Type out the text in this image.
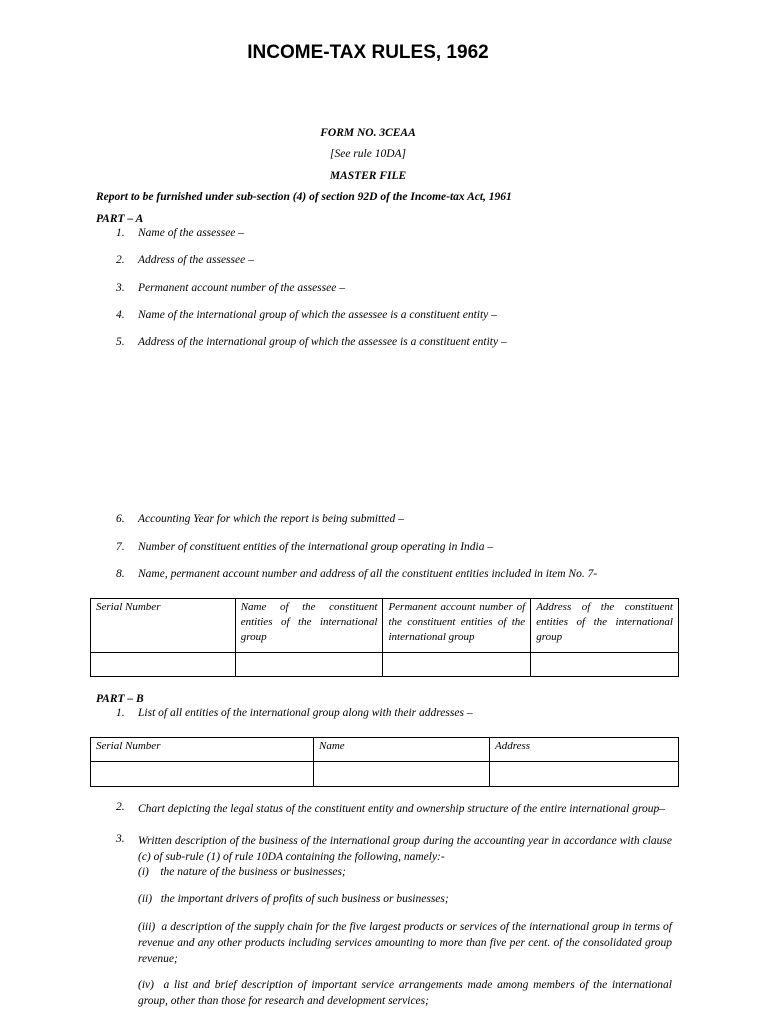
INCOME-TAX RULES, 1962
FORM NO. 3CEAA
[See rule 10DA]
MASTER FILE
Report to be furnished under sub-section (4) of section 92D of the Income-tax Act, 1961
PART – A
1. Name of the assessee –
2. Address of the assessee –
3. Permanent account number of the assessee –
4. Name of the international group of which the assessee is a constituent entity –
5. Address of the international group of which the assessee is a constituent entity –
6. Accounting Year for which the report is being submitted –
7. Number of constituent entities of the international group operating in India –
8. Name, permanent account number and address of all the constituent entities included in item No. 7-
Serial Number	Name of the constituent entities of the international group	Permanent account number of the constituent entities of the international group	Address of the constituent entities of the international group

PART – B
1. List of all entities of the international group along with their addresses –
Serial Number	Name	Address

2. Chart depicting the legal status of the constituent entity and ownership structure of the entire international group–
3. Written description of the business of the international group during the accounting year in accordance with clause (c) of sub-rule (1) of rule 10DA containing the following, namely:-
(i) the nature of the business or businesses;
(ii) the important drivers of profits of such business or businesses;
(iii) a description of the supply chain for the five largest products or services of the international group in terms of revenue and any other products including services amounting to more than five per cent. of the consolidated group revenue;
(iv) a list and brief description of important service arrangements made among members of the international group, other than those for research and development services;
